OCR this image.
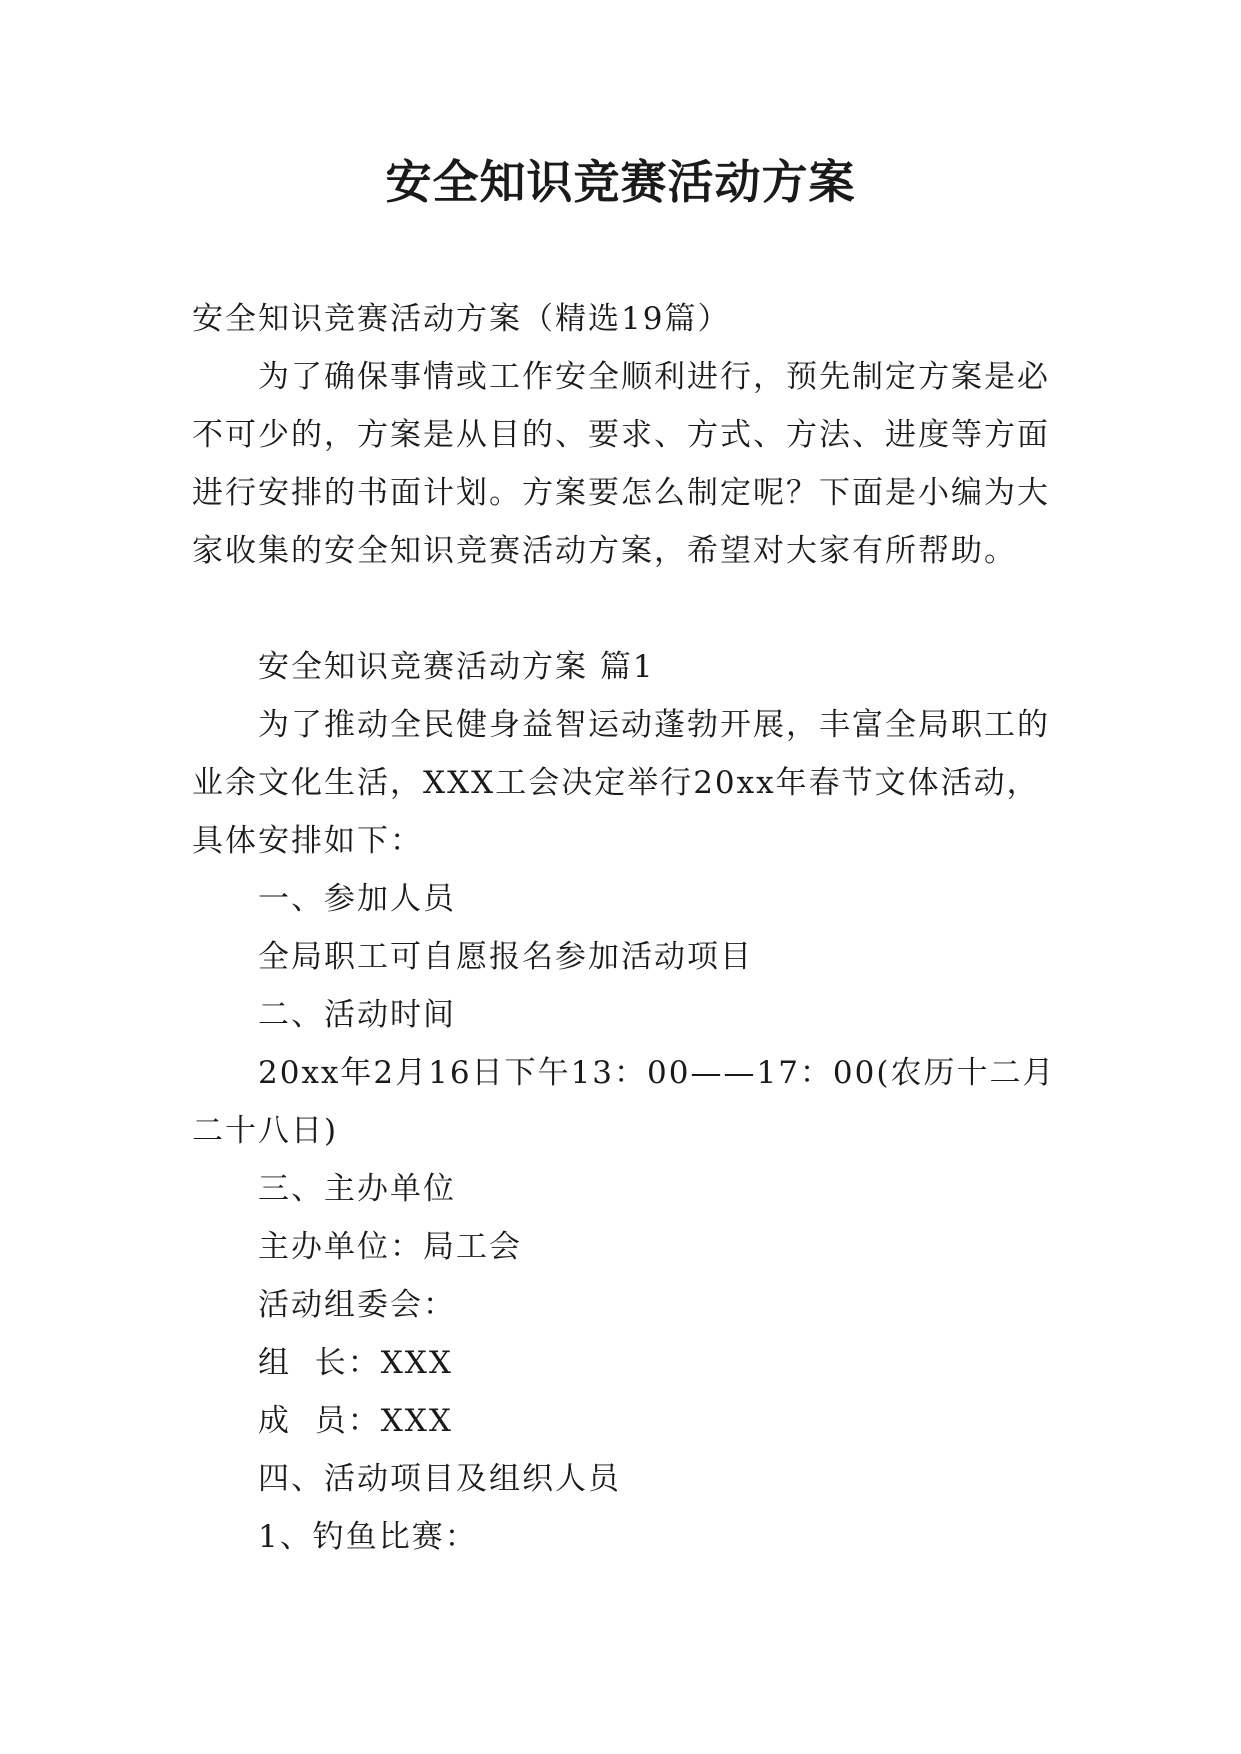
安全知识竞赛活动方案

安全知识竞赛活动方案（精选19篇）

为了确保事情或工作安全顺利进行，预先制定方案是必不可少的，方案是从目的、要求、方式、方法、进度等方面进行安排的书面计划。方案要怎么制定呢？下面是小编为大家收集的安全知识竞赛活动方案，希望对大家有所帮助。

安全知识竞赛活动方案 篇1

为了推动全民健身益智运动蓬勃开展，丰富全局职工的业余文化生活，XXX工会决定举行20xx年春节文体活动，具体安排如下：

一、参加人员

全局职工可自愿报名参加活动项目

二、活动时间

20xx年2月16日下午13：00——17：00(农历十二月二十八日)

三、主办单位

主办单位：局工会

活动组委会：

组  长：XXX

成  员：XXX

四、活动项目及组织人员

1、钓鱼比赛：
